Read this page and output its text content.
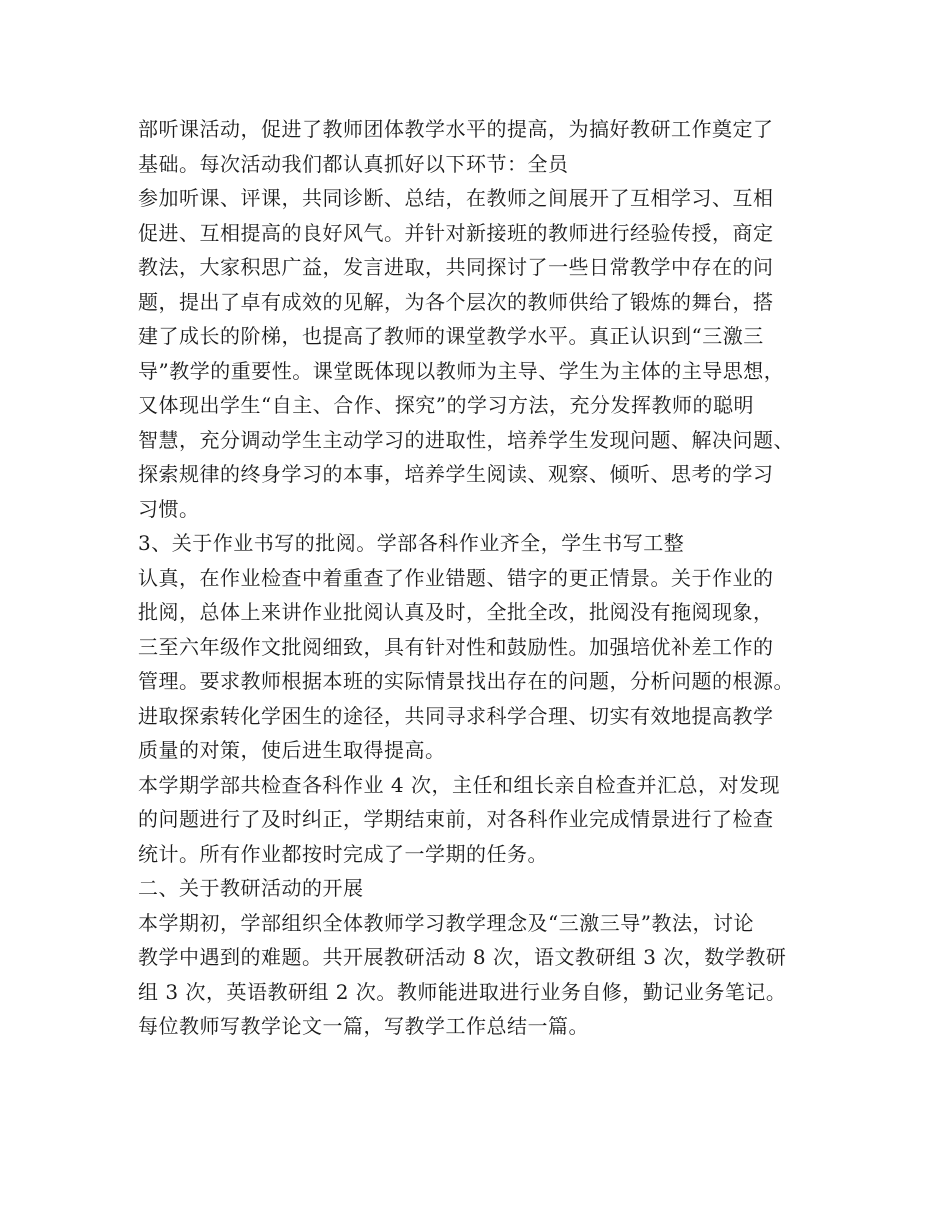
部听课活动，促进了教师团体教学水平的提高，为搞好教研工作奠定了
基础。每次活动我们都认真抓好以下环节：全员
参加听课、评课，共同诊断、总结，在教师之间展开了互相学习、互相
促进、互相提高的良好风气。并针对新接班的教师进行经验传授，商定
教法，大家积思广益，发言进取，共同探讨了一些日常教学中存在的问
题，提出了卓有成效的见解，为各个层次的教师供给了锻炼的舞台，搭
建了成长的阶梯，也提高了教师的课堂教学水平。真正认识到“三激三
导”教学的重要性。课堂既体现以教师为主导、学生为主体的主导思想，
又体现出学生“自主、合作、探究”的学习方法，充分发挥教师的聪明
智慧，充分调动学生主动学习的进取性，培养学生发现问题、解决问题、
探索规律的终身学习的本事，培养学生阅读、观察、倾听、思考的学习
习惯。
3、关于作业书写的批阅。学部各科作业齐全，学生书写工整
认真，在作业检查中着重查了作业错题、错字的更正情景。关于作业的
批阅，总体上来讲作业批阅认真及时，全批全改，批阅没有拖阅现象，
三至六年级作文批阅细致，具有针对性和鼓励性。加强培优补差工作的
管理。要求教师根据本班的实际情景找出存在的问题，分析问题的根源。
进取探索转化学困生的途径，共同寻求科学合理、切实有效地提高教学
质量的对策，使后进生取得提高。
本学期学部共检查各科作业 4 次，主任和组长亲自检查并汇总，对发现
的问题进行了及时纠正，学期结束前，对各科作业完成情景进行了检查
统计。所有作业都按时完成了一学期的任务。
二、关于教研活动的开展
本学期初，学部组织全体教师学习教学理念及“三激三导”教法，讨论
教学中遇到的难题。共开展教研活动 8 次，语文教研组 3 次，数学教研
组 3 次，英语教研组 2 次。教师能进取进行业务自修，勤记业务笔记。
每位教师写教学论文一篇，写教学工作总结一篇。
